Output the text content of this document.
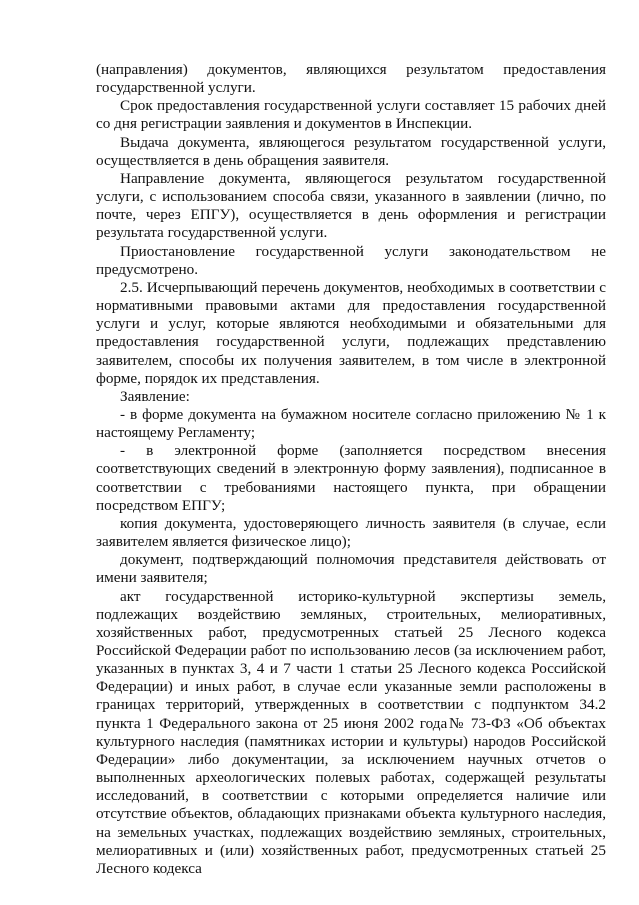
(направления) документов, являющихся результатом предоставления государственной услуги.

Срок предоставления государственной услуги составляет 15 рабочих дней со дня регистрации заявления и документов в Инспекции.

Выдача документа, являющегося результатом государственной услуги, осуществляется в день обращения заявителя.

Направление документа, являющегося результатом государственной услуги, с использованием способа связи, указанного в заявлении (лично, по почте, через ЕПГУ), осуществляется в день оформления и регистрации результата государственной услуги.

Приостановление государственной услуги законодательством не предусмотрено.

2.5. Исчерпывающий перечень документов, необходимых в соответствии с нормативными правовыми актами для предоставления государственной услуги и услуг, которые являются необходимыми и обязательными для предоставления государственной услуги, подлежащих представлению заявителем, способы их получения заявителем, в том числе в электронной форме, порядок их представления.

Заявление:

- в форме документа на бумажном носителе согласно приложению № 1 к настоящему Регламенту;

- в электронной форме (заполняется посредством внесения соответствующих сведений в электронную форму заявления), подписанное в соответствии с требованиями настоящего пункта, при обращении посредством ЕПГУ;

копия документа, удостоверяющего личность заявителя (в случае, если заявителем является физическое лицо);

документ, подтверждающий полномочия представителя действовать от имени заявителя;

акт государственной историко-культурной экспертизы земель, подлежащих воздействию земляных, строительных, мелиоративных, хозяйственных работ, предусмотренных статьей 25 Лесного кодекса Российской Федерации работ по использованию лесов (за исключением работ, указанных в пунктах 3, 4 и 7 части 1 статьи 25 Лесного кодекса Российской Федерации) и иных работ, в случае если указанные земли расположены в границах территорий, утвержденных в соответствии с подпунктом 34.2 пункта 1 Федерального закона от 25 июня 2002 года№ 73-ФЗ «Об объектах культурного наследия (памятниках истории и культуры) народов Российской Федерации» либо документации, за исключением научных отчетов о выполненных археологических полевых работах, содержащей результаты исследований, в соответствии с которыми определяется наличие или отсутствие объектов, обладающих признаками объекта культурного наследия, на земельных участках, подлежащих воздействию земляных, строительных, мелиоративных и (или) хозяйственных работ, предусмотренных статьей 25 Лесного кодекса
